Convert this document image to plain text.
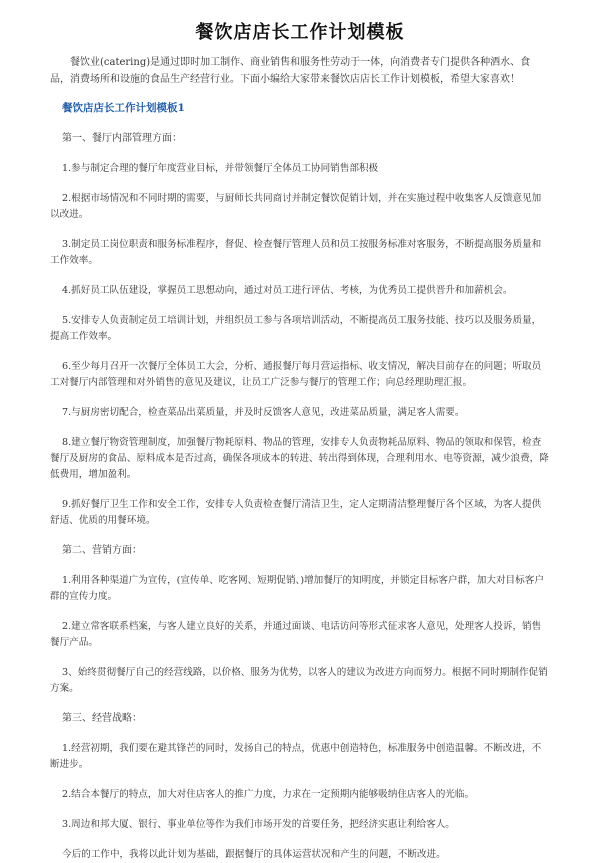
餐饮店店长工作计划模板

餐饮业(catering)是通过即时加工制作、商业销售和服务性劳动于一体，向消费者专门提供各种酒水、食品，消费场所和设施的食品生产经营行业。下面小编给大家带来餐饮店店长工作计划模板，希望大家喜欢！

餐饮店店长工作计划模板1

第一、餐厅内部管理方面：

1.参与制定合理的餐厅年度营业目标，并带领餐厅全体员工协同销售部积极

2.根据市场情况和不同时期的需要，与厨师长共同商讨并制定餐饮促销计划，并在实施过程中收集客人反馈意见加以改进。

3.制定员工岗位职责和服务标准程序，督促、检查餐厅管理人员和员工按服务标准对客服务，不断提高服务质量和工作效率。

4.抓好员工队伍建设，掌握员工思想动向，通过对员工进行评估、考核，为优秀员工提供晋升和加薪机会。

5.安排专人负责制定员工培训计划，并组织员工参与各项培训活动，不断提高员工服务技能、技巧以及服务质量，提高工作效率。

6.至少每月召开一次餐厅全体员工大会，分析、通报餐厅每月营运指标、收支情况，解决目前存在的问题；听取员工对餐厅内部管理和对外销售的意见及建议，让员工广泛参与餐厅的管理工作；向总经理助理汇报。

7.与厨房密切配合，检查菜品出菜质量，并及时反馈客人意见，改进菜品质量，满足客人需要。

8.建立餐厅物资管理制度，加强餐厅物耗原料、物品的管理，安排专人负责物耗品原料、物品的领取和保管，检查餐厅及厨房的食品、原料成本是否过高，确保各项成本的转进、转出得到体现，合理利用水、电等资源，减少浪费，降低费用，增加盈利。

9.抓好餐厅卫生工作和安全工作，安排专人负责检查餐厅清洁卫生，定人定期清洁整理餐厅各个区域，为客人提供舒适、优质的用餐环境。

第二、营销方面：

1.利用各种渠道广为宣传，(宣传单、吃客网、短期促销、)增加餐厅的知明度，并锁定目标客户群，加大对目标客户群的宣传力度。

2.建立常客联系档案，与客人建立良好的关系，并通过面谈、电话访问等形式征求客人意见，处理客人投诉，销售餐厅产品。

3、始终贯彻餐厅自己的经营线路，以价格、服务为优势，以客人的建议为改进方向而努力。根据不同时期制作促销方案。

第三、经营战略：

1.经营初期，我们要在避其锋芒的同时，发扬自己的特点，优惠中创造特色，标准服务中创造温馨。不断改进，不断进步。

2.结合本餐厅的特点，加大对住店客人的推广力度，力求在一定预期内能够吸纳住店客人的光临。

3.周边和邦大厦、银行、事业单位等作为我们市场开发的首要任务，把经济实惠让利给客人。

今后的工作中，我将以此计划为基础，跟据餐厅的具体运营状况和产生的问题，不断改进。
